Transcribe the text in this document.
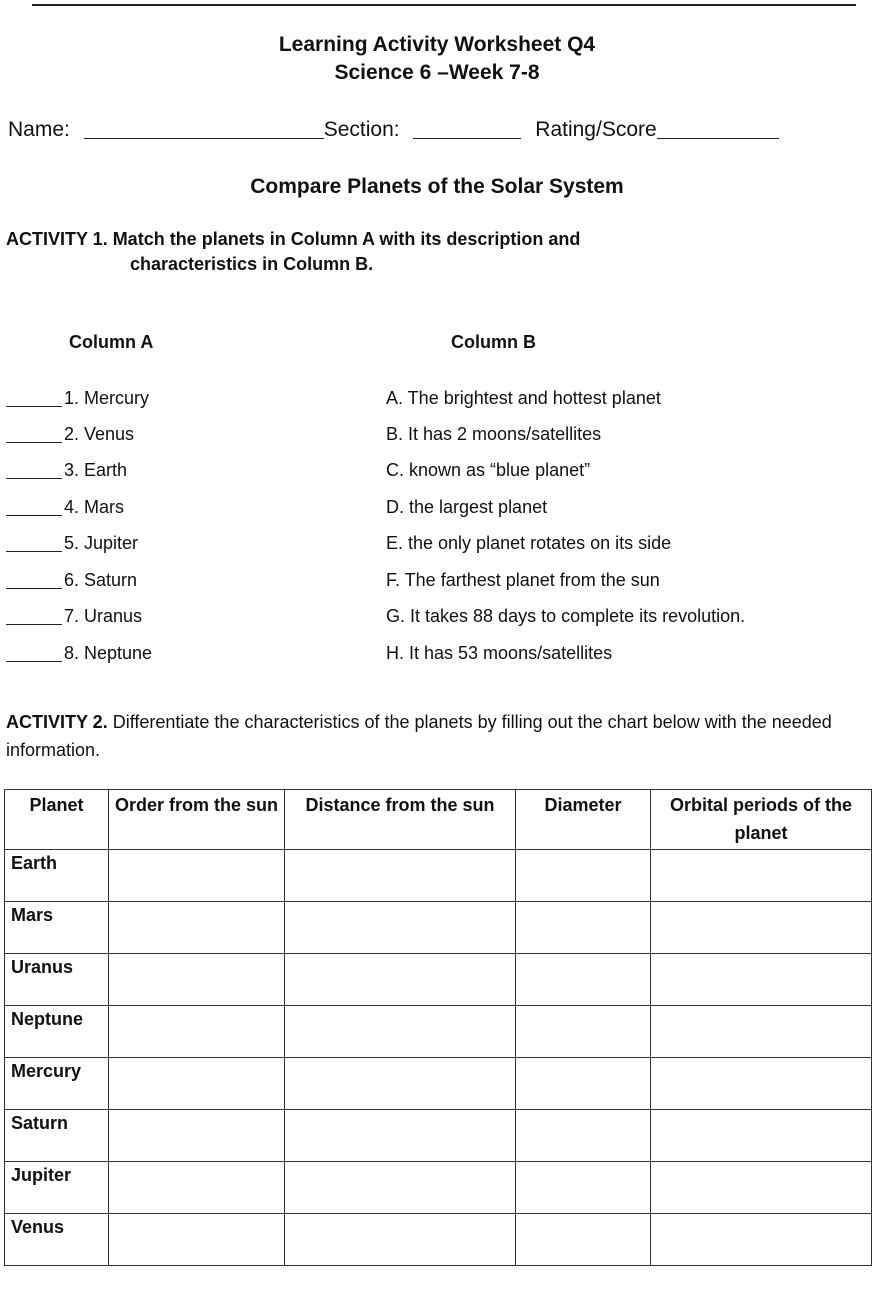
Learning Activity Worksheet Q4
Science 6 –Week 7-8
Name:	Section:	Rating/Score
Compare Planets of the Solar System
ACTIVITY 1. Match the planets in Column A with its description and
characteristics in Column B.
Column A	Column B
1. Mercury	A. The brightest and hottest planet
2. Venus	B. It has 2 moons/satellites
3. Earth	C. known as “blue planet”
4. Mars	D. the largest planet
5. Jupiter	E. the only planet rotates on its side
6. Saturn	F. The farthest planet from the sun
7. Uranus	G. It takes 88 days to complete its revolution.
8. Neptune	H. It has 53 moons/satellites
ACTIVITY 2. Differentiate the characteristics of the planets by filling out the chart below with the needed information.
Planet	Order from the sun	Distance from the sun	Diameter	Orbital periods of the planet
Earth				
Mars				
Uranus				
Neptune				
Mercury				
Saturn				
Jupiter				
Venus				
